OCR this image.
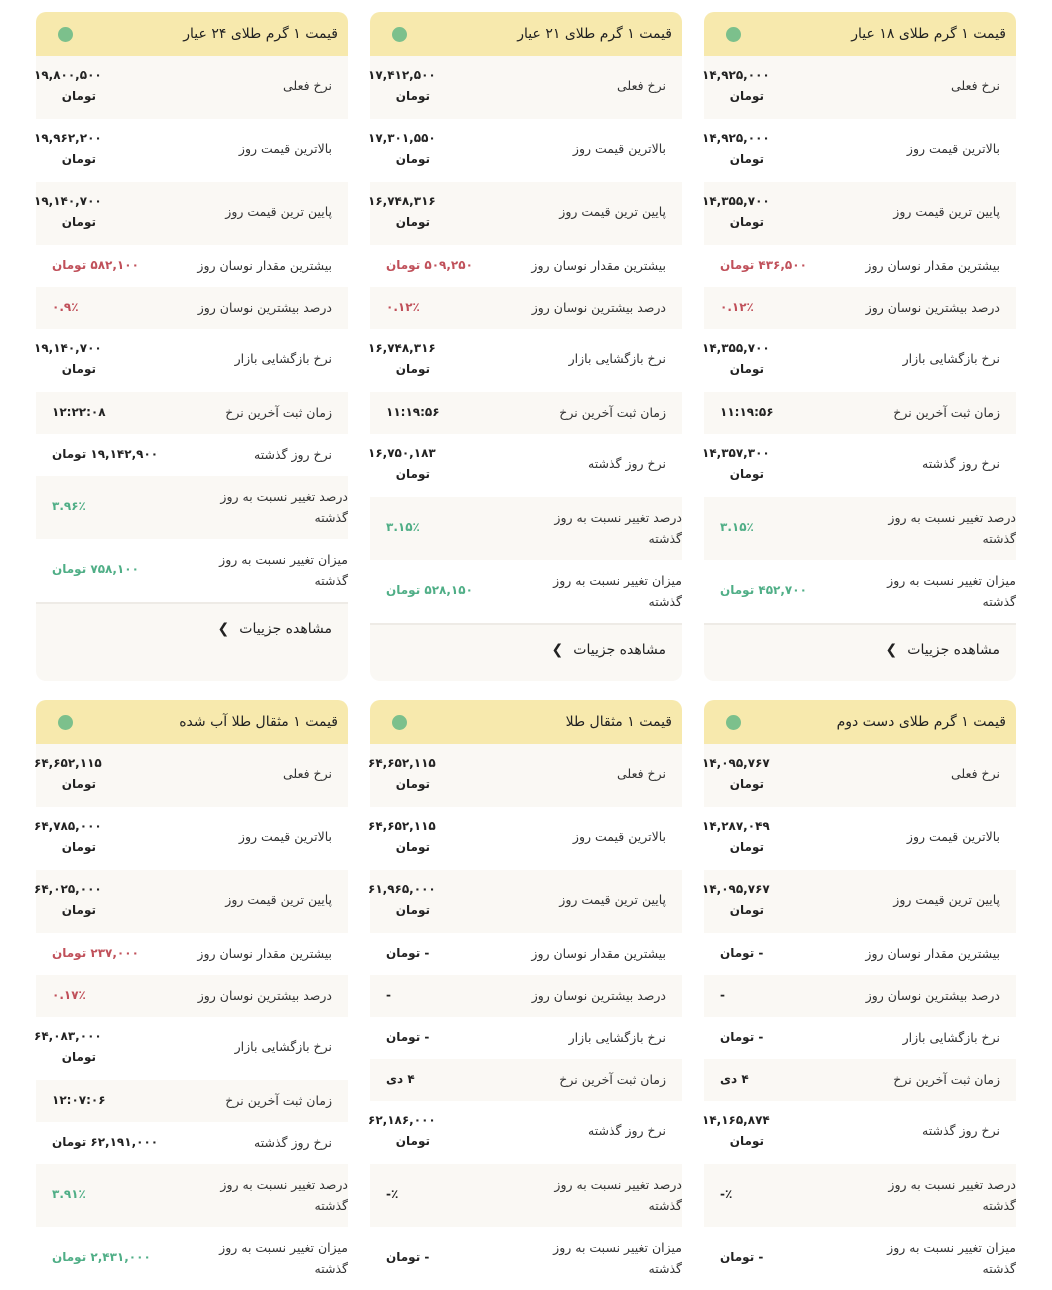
قیمت ۱ گرم طلای ۱۸ عیار
نرخ فعلی
۱۴,۹۲۵,۰۰۰
تومان
بالاترین قیمت روز
۱۴,۹۲۵,۰۰۰
تومان
پایین ترین قیمت روز
۱۴,۳۵۵,۷۰۰
تومان
بیشترین مقدار نوسان روز
۴۳۶,۵۰۰ تومان
درصد بیشترین نوسان روز
۰.۱۲٪
نرخ بازگشایی بازار
۱۴,۳۵۵,۷۰۰
تومان
زمان ثبت آخرین نرخ
۱۱:۱۹:۵۶
نرخ روز گذشته
۱۴,۳۵۷,۳۰۰
تومان
درصد تغییر نسبت به روز گذشته
۳.۱۵٪
میزان تغییر نسبت به روز گذشته
۴۵۲,۷۰۰ تومان
مشاهده جزییات❯
قیمت ۱ گرم طلای ۲۱ عیار
نرخ فعلی
۱۷,۴۱۲,۵۰۰
تومان
بالاترین قیمت روز
۱۷,۳۰۱,۵۵۰
تومان
پایین ترین قیمت روز
۱۶,۷۴۸,۳۱۶
تومان
بیشترین مقدار نوسان روز
۵۰۹,۲۵۰ تومان
درصد بیشترین نوسان روز
۰.۱۲٪
نرخ بازگشایی بازار
۱۶,۷۴۸,۳۱۶
تومان
زمان ثبت آخرین نرخ
۱۱:۱۹:۵۶
نرخ روز گذشته
۱۶,۷۵۰,۱۸۳
تومان
درصد تغییر نسبت به روز گذشته
۳.۱۵٪
میزان تغییر نسبت به روز گذشته
۵۲۸,۱۵۰ تومان
مشاهده جزییات❯
قیمت ۱ گرم طلای ۲۴ عیار
نرخ فعلی
۱۹,۸۰۰,۵۰۰
تومان
بالاترین قیمت روز
۱۹,۹۶۲,۲۰۰
تومان
پایین ترین قیمت روز
۱۹,۱۴۰,۷۰۰
تومان
بیشترین مقدار نوسان روز
۵۸۲,۱۰۰ تومان
درصد بیشترین نوسان روز
۰.۹٪
نرخ بازگشایی بازار
۱۹,۱۴۰,۷۰۰
تومان
زمان ثبت آخرین نرخ
۱۲:۲۲:۰۸
نرخ روز گذشته
۱۹,۱۴۲,۹۰۰ تومان
درصد تغییر نسبت به روز گذشته
۳.۹۶٪
میزان تغییر نسبت به روز گذشته
۷۵۸,۱۰۰ تومان
مشاهده جزییات❯
قیمت ۱ گرم طلای دست دوم
نرخ فعلی
۱۴,۰۹۵,۷۶۷
تومان
بالاترین قیمت روز
۱۴,۲۸۷,۰۴۹
تومان
پایین ترین قیمت روز
۱۴,۰۹۵,۷۶۷
تومان
بیشترین مقدار نوسان روز
- تومان
درصد بیشترین نوسان روز
-
نرخ بازگشایی بازار
- تومان
زمان ثبت آخرین نرخ
۴ دی
نرخ روز گذشته
۱۴,۱۶۵,۸۷۴
تومان
درصد تغییر نسبت به روز گذشته
٪-
میزان تغییر نسبت به روز گذشته
- تومان
قیمت ۱ مثقال طلا
نرخ فعلی
۶۴,۶۵۲,۱۱۵
تومان
بالاترین قیمت روز
۶۴,۶۵۲,۱۱۵
تومان
پایین ترین قیمت روز
۶۱,۹۶۵,۰۰۰
تومان
بیشترین مقدار نوسان روز
- تومان
درصد بیشترین نوسان روز
-
نرخ بازگشایی بازار
- تومان
زمان ثبت آخرین نرخ
۴ دی
نرخ روز گذشته
۶۲,۱۸۶,۰۰۰
تومان
درصد تغییر نسبت به روز گذشته
٪-
میزان تغییر نسبت به روز گذشته
- تومان
قیمت ۱ مثقال طلا آب شده
نرخ فعلی
۶۴,۶۵۲,۱۱۵
تومان
بالاترین قیمت روز
۶۴,۷۸۵,۰۰۰
تومان
پایین ترین قیمت روز
۶۴,۰۲۵,۰۰۰
تومان
بیشترین مقدار نوسان روز
۲۳۷,۰۰۰ تومان
درصد بیشترین نوسان روز
۰.۱۷٪
نرخ بازگشایی بازار
۶۴,۰۸۳,۰۰۰
تومان
زمان ثبت آخرین نرخ
۱۲:۰۷:۰۶
نرخ روز گذشته
۶۲,۱۹۱,۰۰۰ تومان
درصد تغییر نسبت به روز گذشته
۳.۹۱٪
میزان تغییر نسبت به روز گذشته
۲,۴۳۱,۰۰۰ تومان
